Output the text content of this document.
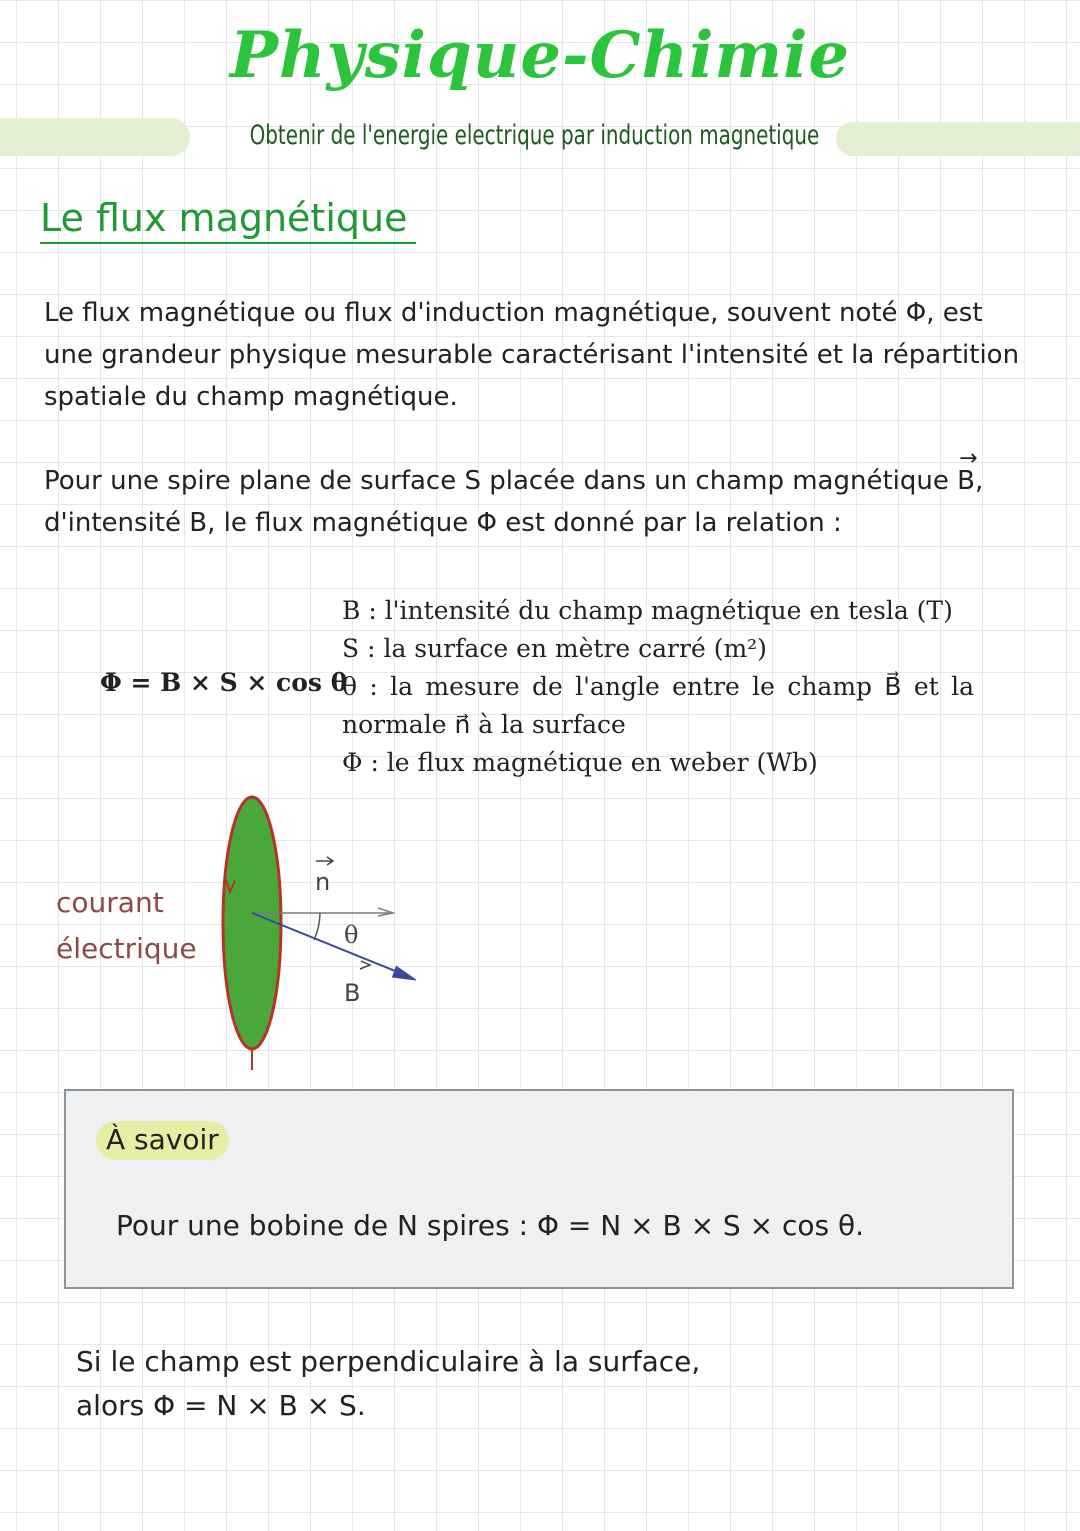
Physique-Chimie
Obtenir de l'energie electrique par induction magnetique
Le flux magnétique

Le flux magnétique ou flux d'induction magnétique, souvent noté Φ, est une grandeur physique mesurable caractérisant l'intensité et la répartition spatiale du champ magnétique.

Pour une spire plane de surface S placée dans un champ magnétique
→
B,
d'intensité B, le flux magnétique Φ est donné par la relation :

Φ = B × S × cos θ

B : l'intensité du champ magnétique en tesla (T)
S : la surface en mètre carré (m²)
θ : la mesure de l'angle entre le champ B⃗ et la normale n⃗ à la surface
Φ : le flux magnétique en weber (Wb)
courant
électrique
n
θ
B
À savoir
Pour une bobine de N spires : Φ = N × B × S × cos θ.
Si le champ est perpendiculaire à la surface,
alors Φ = N × B × S.
